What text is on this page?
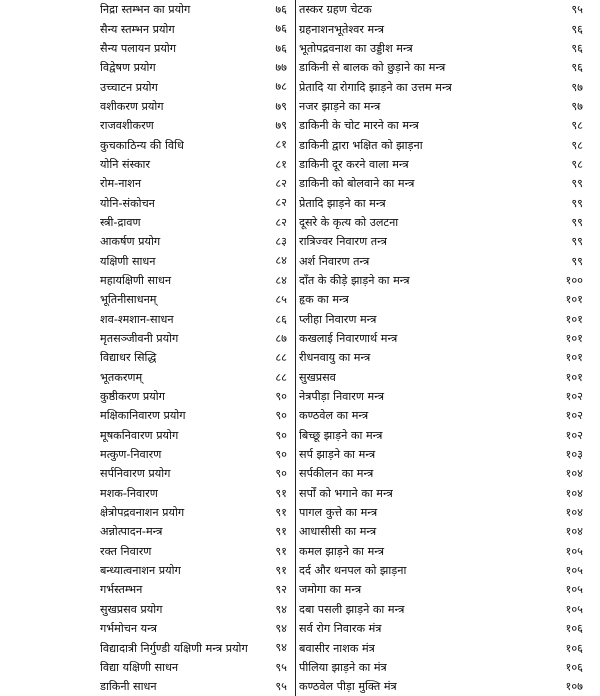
निद्रा स्तम्भन का प्रयोग	७६	तस्कर ग्रहण चेटक	९५
सैन्य स्तम्भन प्रयोग	७६	ग्रहनाशनभूतेश्वर मन्त्र	९६
सैन्य पलायन प्रयोग	७६	भूतोपद्रवनाश का उड्डीश मन्त्र	९६
विद्वेषण प्रयोग	७७	डाकिनी से बालक को छुड़ाने का मन्त्र	९६
उच्चाटन प्रयोग	७८	प्रेतादि या रोगादि झाड़ने का उत्तम मन्त्र	९७
वशीकरण प्रयोग	७९	नजर झाड़ने का मन्त्र	९७
राजवशीकरण	७९	डाकिनी के चोट मारने का मन्त्र	९८
कुचकाठिन्य की विधि	८१	डाकिनी द्वारा भक्षित को झाड़ना	९८
योनि संस्कार	८१	डाकिनी दूर करने वाला मन्त्र	९८
रोम-नाशन	८२	डाकिनी को बोलवाने का मन्त्र	९९
योनि-संकोचन	८२	प्रेतादि झाड़ने का मन्त्र	९९
स्त्री-द्रावण	८२	दूसरे के कृत्य को उलटना	९९
आकर्षण प्रयोग	८३	रात्रिज्वर निवारण तन्त्र	९९
यक्षिणी साधन	८४	अर्श निवारण तन्त्र	९९
महायक्षिणी साधन	८४	दाँत के कीड़े झाड़ने का मन्त्र	१००
भूतिनीसाधनम्	८५	हृक का मन्त्र	१०१
शव-श्मशान-साधन	८६	प्लीहा निवारण मन्त्र	१०१
मृतसञ्जीवनी प्रयोग	८७	कखलाई निवारणार्थ मन्त्र	१०१
विद्याधर सिद्धि	८८	रीधनवायु का मन्त्र	१०१
भूतकरणम्	८८	सुखप्रसव	१०१
कुष्ठीकरण प्रयोग	९०	नेत्रपीड़ा निवारण मन्त्र	१०२
मक्षिकानिवारण प्रयोग	९०	कण्ठवेल का मन्त्र	१०२
मूषकनिवारण प्रयोग	९०	बिच्छू झाड़ने का मन्त्र	१०२
मत्कुण-निवारण	९०	सर्प झाड़ने का मन्त्र	१०३
सर्पनिवारण प्रयोग	९०	सर्पकीलन का मन्त्र	१०४
मशक-निवारण	९१	सर्पों को भगाने का मन्त्र	१०४
क्षेत्रोपद्रवनाशन प्रयोग	९१	पागल कुत्ते का मन्त्र	१०४
अन्नोत्पादन-मन्त्र	९१	आधासीसी का मन्त्र	१०४
रक्त निवारण	९१	कमल झाड़ने का मन्त्र	१०५
बन्ध्यात्वनाशन प्रयोग	९१	दर्द और थनपल को झाड़ना	१०५
गर्भस्तम्भन	९२	जमोगा का मन्त्र	१०५
सुखप्रसव प्रयोग	९४	दबा पसली झाड़ने का मन्त्र	१०५
गर्भमोचन यन्त्र	९४	सर्व रोग निवारक मंत्र	१०६
विद्यादात्री निर्गुण्डी यक्षिणी मन्त्र प्रयोग	९४	बवासीर नाशक मंत्र	१०६
विद्या यक्षिणी साधन	९५	पीलिया झाड़ने का मंत्र	१०६
डाकिनी साधन	९५	कण्ठवेल पीड़ा मुक्ति मंत्र	१०७
